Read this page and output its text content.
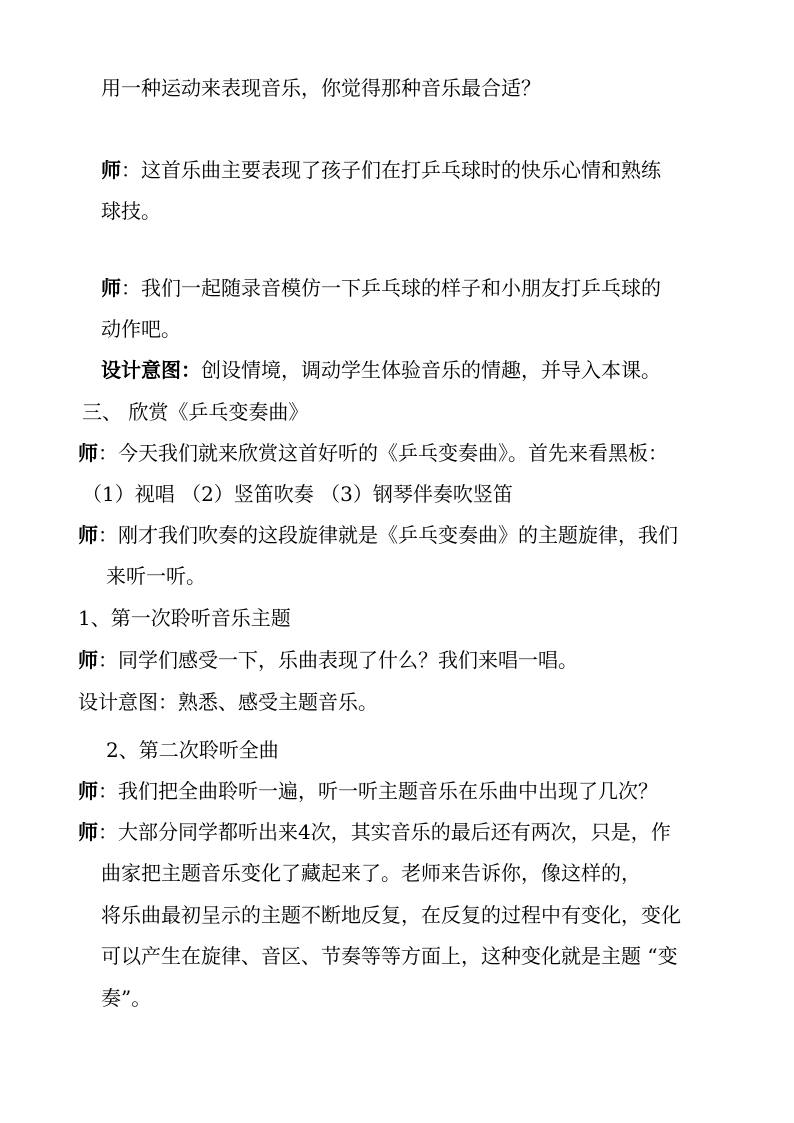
用一种运动来表现音乐，你觉得那种音乐最合适？

师：这首乐曲主要表现了孩子们在打乒乓球时的快乐心情和熟练

球技。

师：我们一起随录音模仿一下乒乓球的样子和小朋友打乒乓球的

动作吧。

设计意图：创设情境，调动学生体验音乐的情趣，并导入本课。

三、 欣赏《乒乓变奏曲》

师：今天我们就来欣赏这首好听的《乒乓变奏曲》。首先来看黑板：

（1）视唱 （2）竖笛吹奏 （3）钢琴伴奏吹竖笛

师：刚才我们吹奏的这段旋律就是《乒乓变奏曲》的主题旋律，我们

来听一听。

1、第一次聆听音乐主题

师：同学们感受一下，乐曲表现了什么？我们来唱一唱。

设计意图：熟悉、感受主题音乐。

2、第二次聆听全曲

师：我们把全曲聆听一遍，听一听主题音乐在乐曲中出现了几次？

师：大部分同学都听出来4次，其实音乐的最后还有两次，只是，作

曲家把主题音乐变化了藏起来了。老师来告诉你，像这样的，

将乐曲最初呈示的主题不断地反复，在反复的过程中有变化，变化

可以产生在旋律、音区、节奏等等方面上，这种变化就是主题 “变

奏”。
